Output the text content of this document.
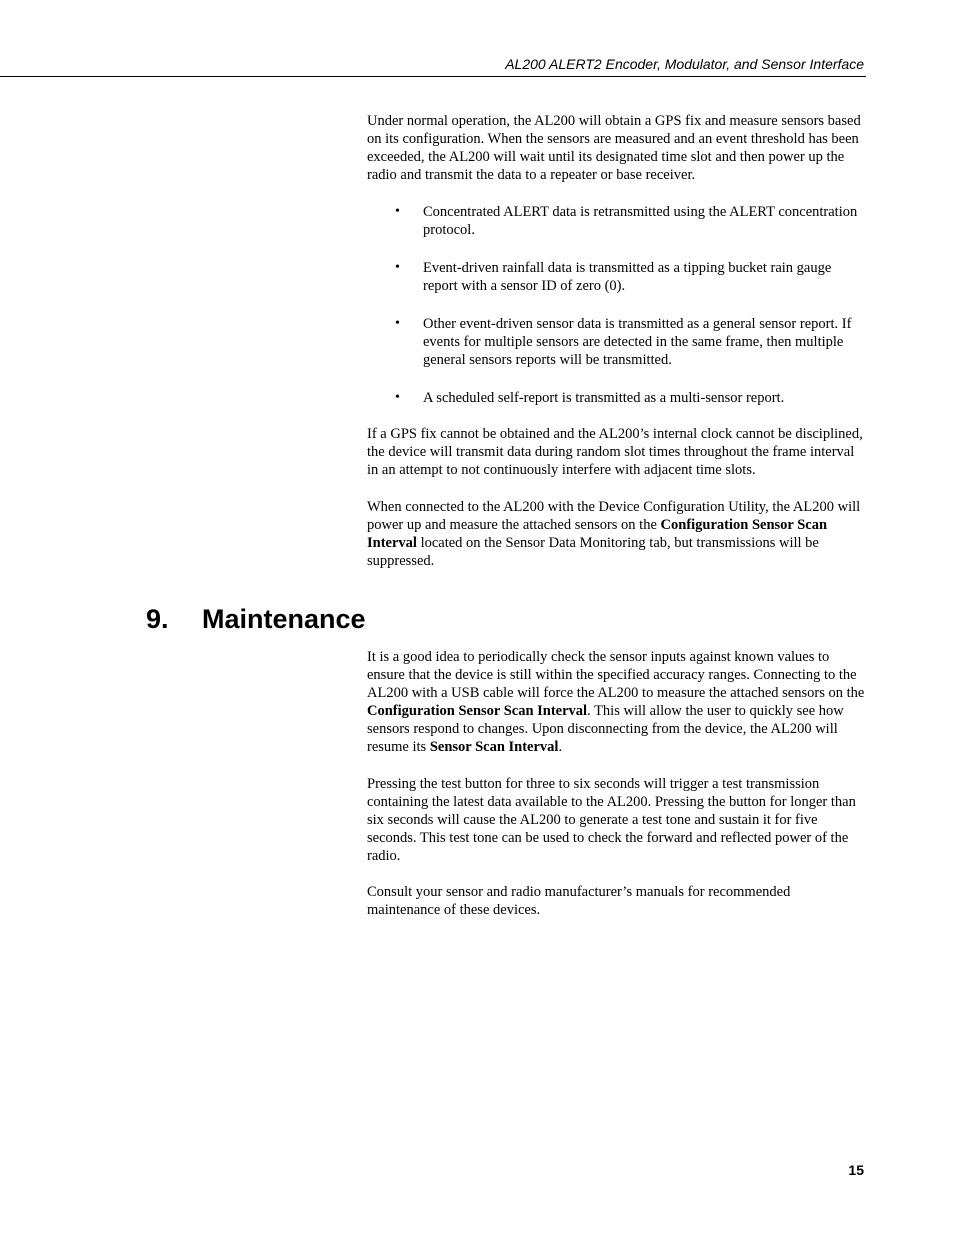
AL200 ALERT2 Encoder, Modulator, and Sensor Interface

Under normal operation, the AL200 will obtain a GPS fix and measure sensors based on its configuration. When the sensors are measured and an event threshold has been exceeded, the AL200 will wait until its designated time slot and then power up the radio and transmit the data to a repeater or base receiver.

• Concentrated ALERT data is retransmitted using the ALERT concentration protocol.
• Event-driven rainfall data is transmitted as a tipping bucket rain gauge report with a sensor ID of zero (0).
• Other event-driven sensor data is transmitted as a general sensor report. If events for multiple sensors are detected in the same frame, then multiple general sensors reports will be transmitted.
• A scheduled self-report is transmitted as a multi-sensor report.

If a GPS fix cannot be obtained and the AL200’s internal clock cannot be disciplined, the device will transmit data during random slot times throughout the frame interval in an attempt to not continuously interfere with adjacent time slots.

When connected to the AL200 with the Device Configuration Utility, the AL200 will power up and measure the attached sensors on the Configuration Sensor Scan Interval located on the Sensor Data Monitoring tab, but transmissions will be suppressed.

9. Maintenance

It is a good idea to periodically check the sensor inputs against known values to ensure that the device is still within the specified accuracy ranges. Connecting to the AL200 with a USB cable will force the AL200 to measure the attached sensors on the Configuration Sensor Scan Interval. This will allow the user to quickly see how sensors respond to changes. Upon disconnecting from the device, the AL200 will resume its Sensor Scan Interval.

Pressing the test button for three to six seconds will trigger a test transmission containing the latest data available to the AL200. Pressing the button for longer than six seconds will cause the AL200 to generate a test tone and sustain it for five seconds. This test tone can be used to check the forward and reflected power of the radio.

Consult your sensor and radio manufacturer’s manuals for recommended maintenance of these devices.

15
